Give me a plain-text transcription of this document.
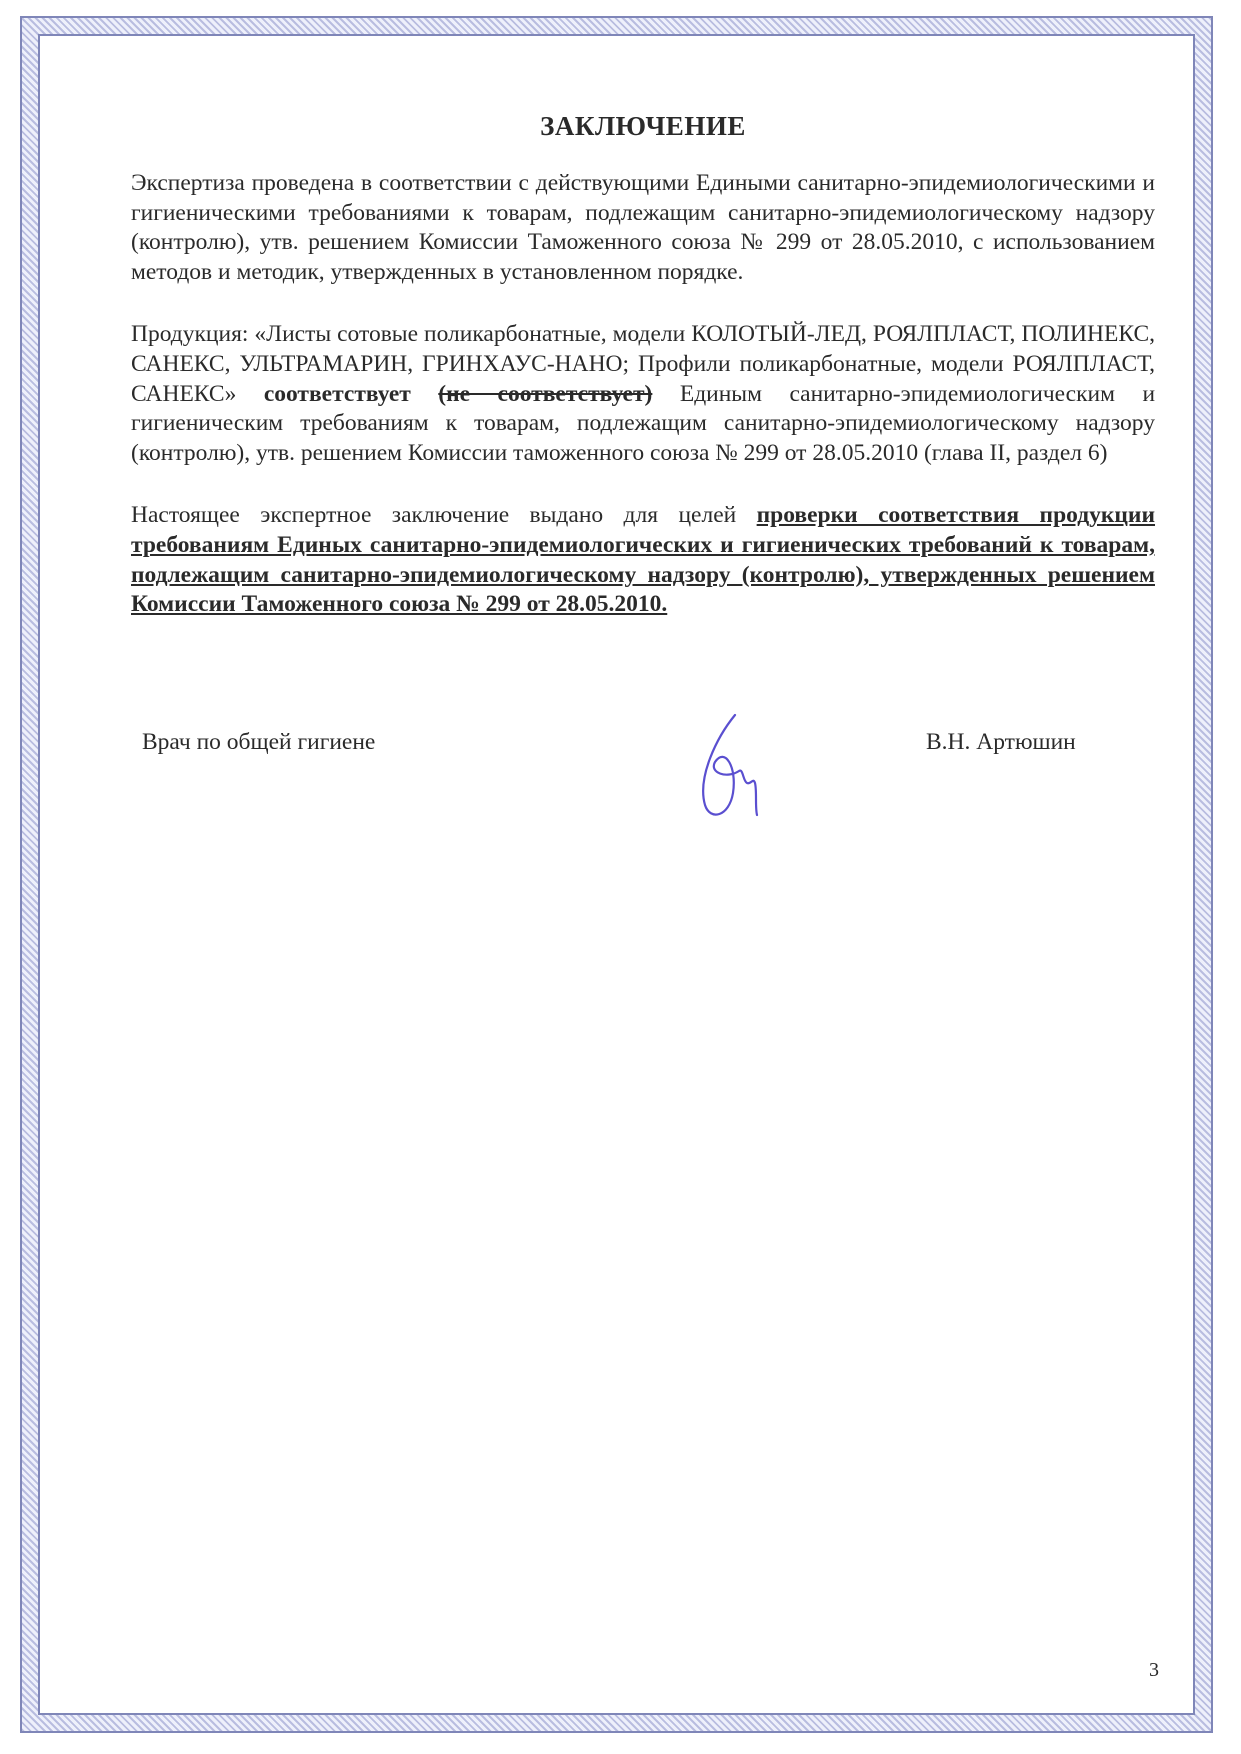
ЗАКЛЮЧЕНИЕ

Экспертиза проведена в соответствии с действующими Едиными санитарно-эпидемиологическими и гигиеническими требованиями к товарам, подлежащим санитарно-эпидемиологическому надзору (контролю), утв. решением Комиссии Таможенного союза № 299 от 28.05.2010, с использованием методов и методик, утвержденных в установленном порядке.

Продукция: «Листы сотовые поликарбонатные, модели КОЛОТЫЙ-ЛЕД, РОЯЛПЛАСТ, ПОЛИНЕКС, САНЕКС, УЛЬТРАМАРИН, ГРИНХАУС-НАНО; Профили поликарбонатные, модели РОЯЛПЛАСТ, САНЕКС» соответствует (не соответствует) Единым санитарно-эпидемиологическим и гигиеническим требованиям к товарам, подлежащим санитарно-эпидемиологическому надзору (контролю), утв. решением Комиссии таможенного союза № 299 от 28.05.2010 (глава II, раздел 6)

Настоящее экспертное заключение выдано для целей проверки соответствия продукции требованиям Единых санитарно-эпидемиологических и гигиенических требований к товарам, подлежащим санитарно-эпидемиологическому надзору (контролю), утвержденных решением Комиссии Таможенного союза № 299 от 28.05.2010.

Врач по общей гигиене	В.Н. Артюшин
3
